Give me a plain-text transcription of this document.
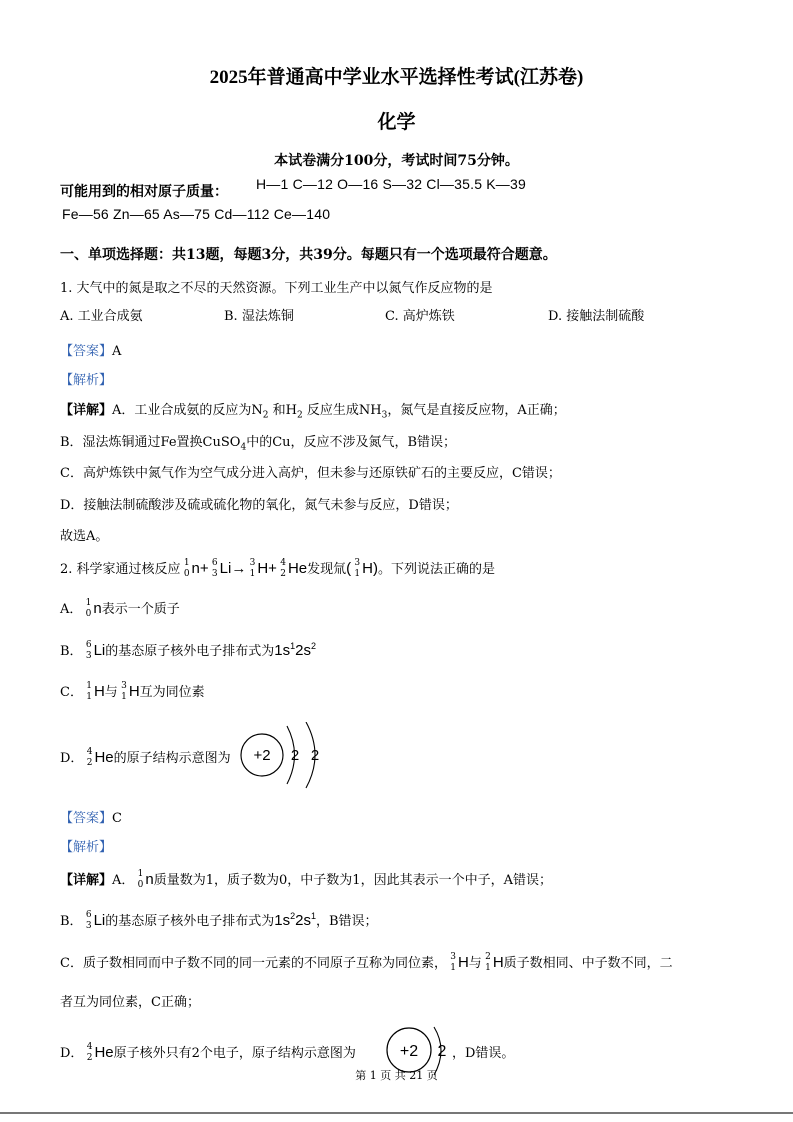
2025年普通高中学业水平选择性考试(江苏卷)
化学
本试卷满分100分，考试时间75分钟。
可能用到的相对原子质量： H—1 C—12 O—16 S—32 Cl—35.5 K—39
Fe—56 Zn—65 As—75 Cd—112 Ce—140
一、单项选择题：共13题，每题3分，共39分。每题只有一个选项最符合题意。
1. 大气中的氮是取之不尽的天然资源。下列工业生产中以氮气作反应物的是
A. 工业合成氨	B. 湿法炼铜	C. 高炉炼铁	D. 接触法制硫酸
【答案】A
【解析】
【详解】A．工业合成氨的反应为$N_2$ 和$H_2$ 反应生成$NH_3$，氮气是直接反应物，A正确；
B．湿法炼铜通过Fe置换CuSO$_4$中的Cu，反应不涉及氮气，B错误；
C．高炉炼铁中氮气作为空气成分进入高炉，但未参与还原铁矿石的主要反应，C错误；
D．接触法制硫酸涉及硫或硫化物的氧化，氮气未参与反应，D错误；
故选A。
2. 科学家通过核反应 1
0 n+ 6
3 Li→ 3
1 H+ 4
2 He发现氚( 3
1 H)。下列说法正确的是
A． 1
0 n表示一个质子
B． 6
3 Li的基态原子核外电子排布式为$1s^12s^2$
C． 1
1 H与 3
1 H互为同位素
D． 4
2 He的原子结构示意图为 +2 2 2
【答案】C
【解析】
【详解】A． 1
0 n质量数为1，质子数为0，中子数为1，因此其表示一个中子，A错误；
B． 6
3 Li的基态原子核外电子排布式为$1s^22s^1$，B错误；
C．质子数相同而中子数不同的同一元素的不同原子互称为同位素， 3
1 H与 2
1 H质子数相同、中子数不同，二
者互为同位素，C正确；
D． 4
2 He原子核外只有2个电子，原子结构示意图为	+2 2 ，D错误。
第 1 页 共 21 页
